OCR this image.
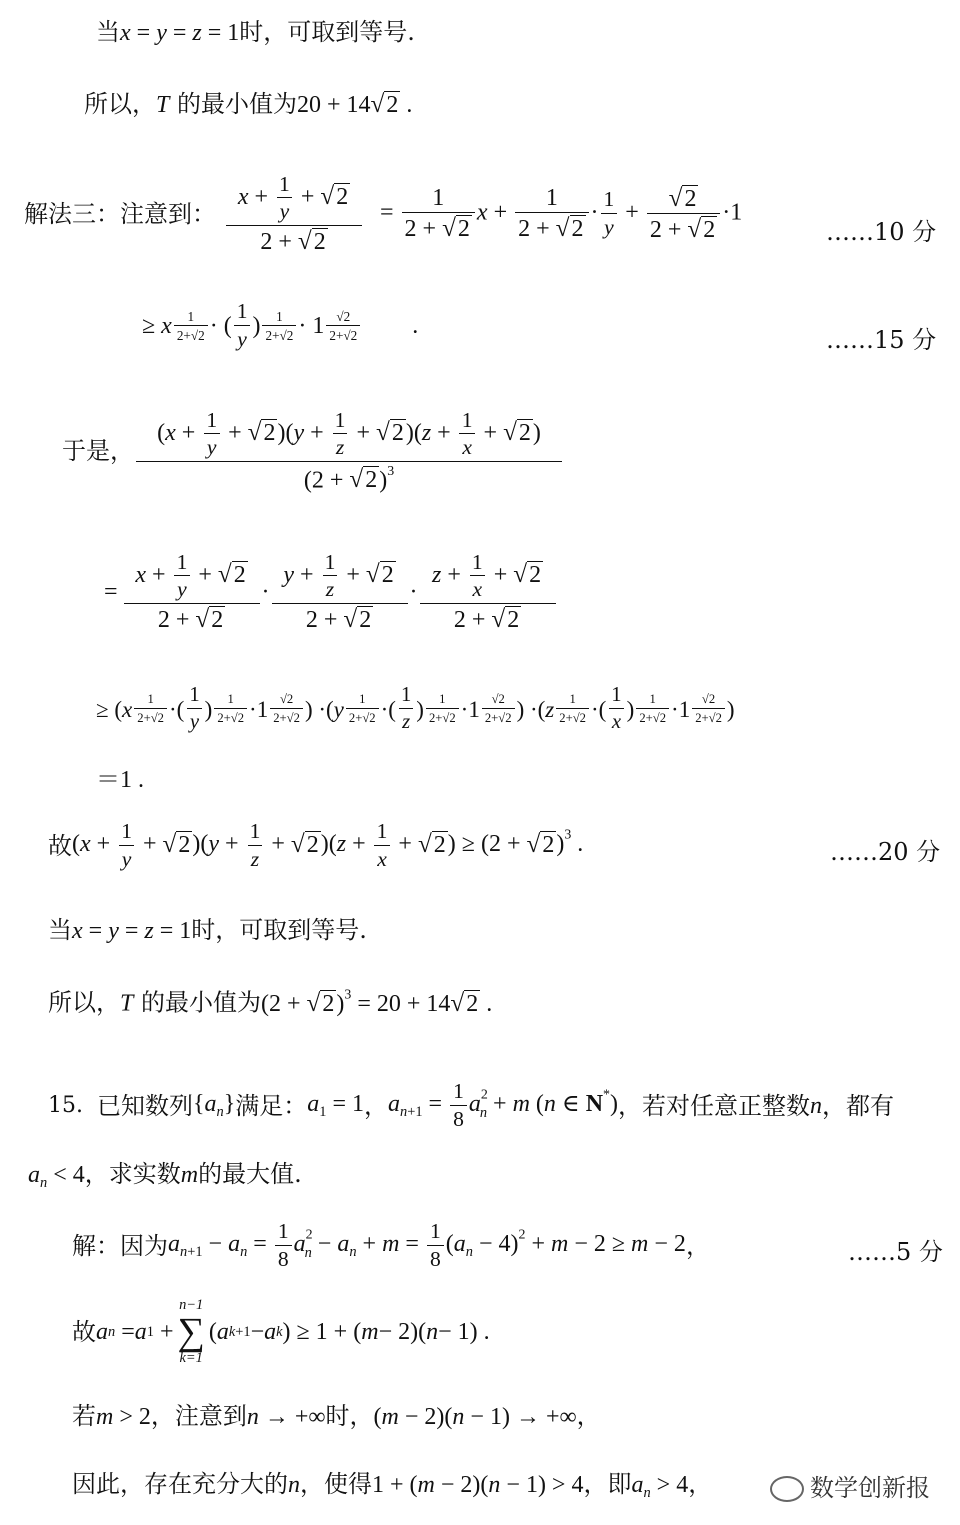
当x = y = z = 1时，可取到等号.
所以，T 的最小值为20 + 14√2 .
解法三：注意到： $\frac{x + \frac{1}{y} + √2}{2 + √2} = \frac{1}{2 + √2}$ $x + \frac{1}{2 + √2} \cdot \frac{1}{y} + \frac{√2}{2 + √2} \cdot 1$
……10 分
≥ x 1
2+√2 · (
1
y ) 1
2+√2 · 1 √2
2+√2 .	……15 分
于是，
$(x + \frac{1}{y} + √2)(y + \frac{1}{z} + √2)(z + \frac{1}{x} + √2)$
$(2 + √2)^3$
=
$x + \frac{1}{y} + √2$
2 + √2
·
$y + \frac{1}{z} + √2$
2 + √2
·
$z + \frac{1}{x} + √2$
2 + √2
≥ ( x 1
2+√2 ·(
1
y
) 1
2+√2 ·1 √2
2+√2 ) ·( y 1
2+√2 ·(
1
z
) 1
2+√2 ·1 √2
2+√2 ) ·( z 1
2+√2 ·(
1
x
) 1
2+√2 ·1 √2
2+√2 )
＝1 .
故 $(x + \frac{1}{y} + √2)(y + \frac{1}{z} + √2)(z + \frac{1}{x} + √2) \ge (2 + √2)^3$ .	……20 分
当x = y = z = 1时，可取到等号.
所以，T 的最小值为$(2 + √2)^3 = 20 + 14√2$ .
15. 已知数列 $\{a_n\}$ 满足： $a_1 = 1$ ， $a_{n+1} = \frac{1}{8} a^2_n + m$ (n ∈ N*) ，若对任意正整数 n ，都有
$a_n < 4$，求实数m的最大值.
解：因为 $a_{n+1} - a_n = \frac{1}{8} a^2_n - a_n + m = \frac{1}{8} (a_n - 4)^2 + m - 2 \ge m - 2$ ，	……5 分
故 a n = a 1 +
n−1
∑
k=1
( a k+1 − a k ) ≥ 1 + ( m − 2)( n − 1) .
若m > 2，注意到n → +∞时，(m − 2)(n − 1) → +∞，
因此，存在充分大的n，使得1 + (m − 2)(n − 1) > 4，即$a_n > 4$，	数学创新报
